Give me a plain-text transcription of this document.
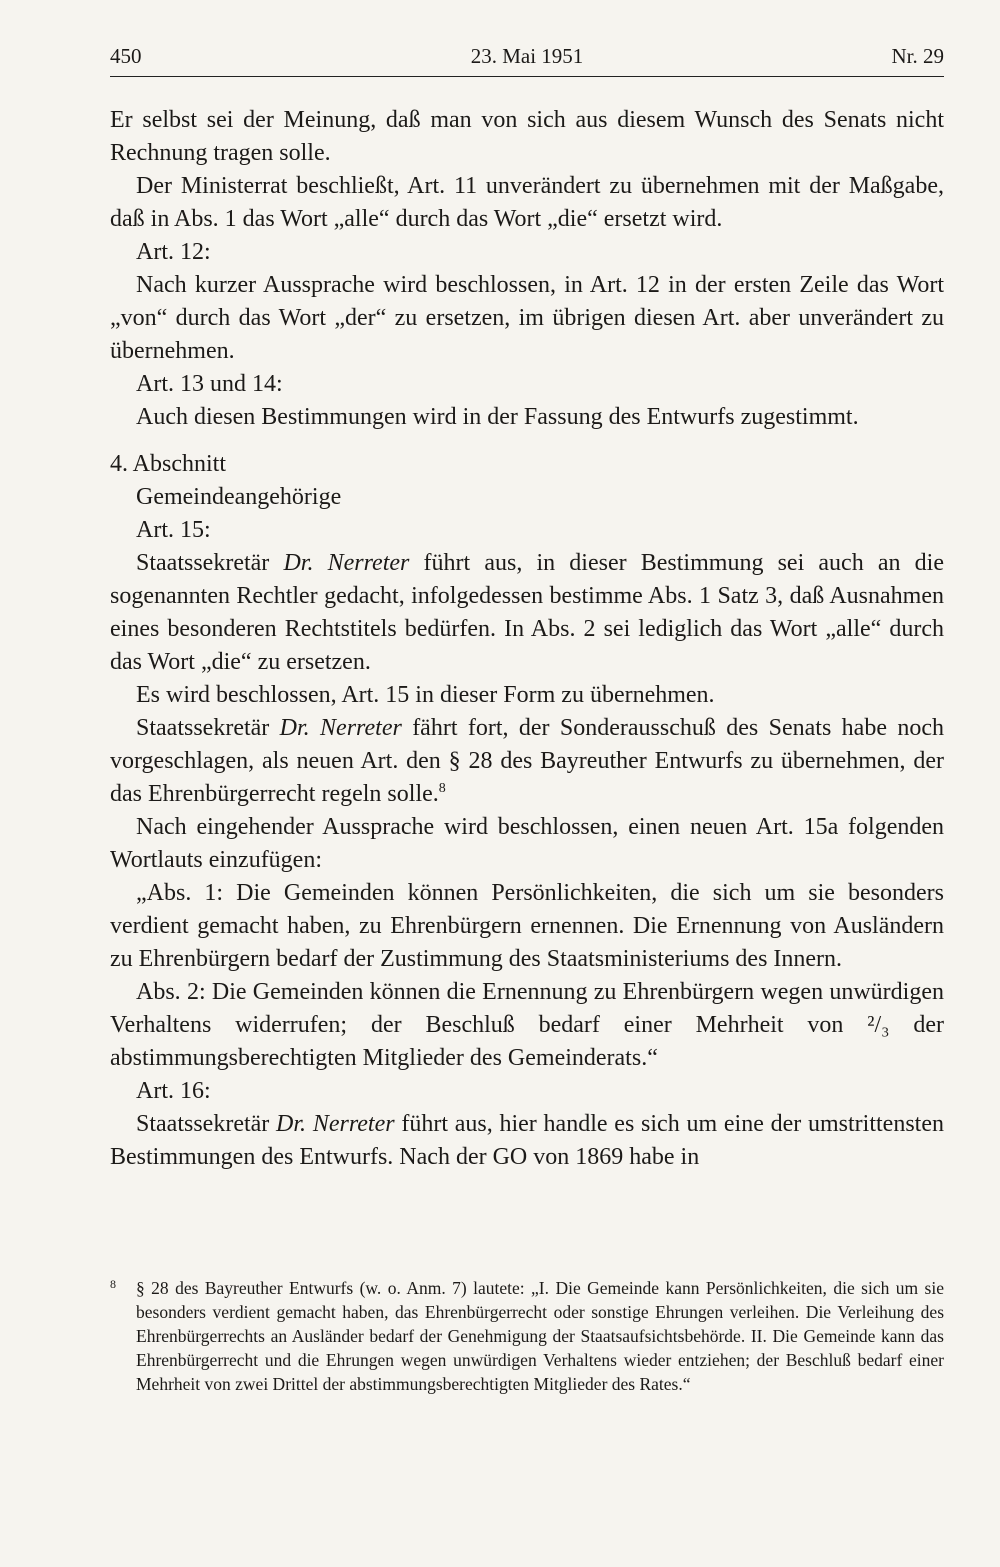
450	23. Mai 1951	Nr. 29

Er selbst sei der Meinung, daß man von sich aus diesem Wunsch des Senats nicht Rechnung tragen solle.

Der Ministerrat beschließt, Art. 11 unverändert zu übernehmen mit der Maßgabe, daß in Abs. 1 das Wort „alle“ durch das Wort „die“ ersetzt wird.

Art. 12:

Nach kurzer Aussprache wird beschlossen, in Art. 12 in der ersten Zeile das Wort „von“ durch das Wort „der“ zu ersetzen, im übrigen diesen Art. aber unverändert zu übernehmen.

Art. 13 und 14:

Auch diesen Bestimmungen wird in der Fassung des Entwurfs zugestimmt.

4. Abschnitt

Gemeindeangehörige

Art. 15:

Staatssekretär Dr. Nerreter führt aus, in dieser Bestimmung sei auch an die sogenannten Rechtler gedacht, infolgedessen bestimme Abs. 1 Satz 3, daß Ausnahmen eines besonderen Rechtstitels bedürfen. In Abs. 2 sei lediglich das Wort „alle“ durch das Wort „die“ zu ersetzen.

Es wird beschlossen, Art. 15 in dieser Form zu übernehmen.

Staatssekretär Dr. Nerreter fährt fort, der Sonderausschuß des Senats habe noch vorgeschlagen, als neuen Art. den § 28 des Bayreuther Entwurfs zu übernehmen, der das Ehrenbürgerrecht regeln solle.$^8$

Nach eingehender Aussprache wird beschlossen, einen neuen Art. 15a folgenden Wortlauts einzufügen:

„Abs. 1: Die Gemeinden können Persönlichkeiten, die sich um sie besonders verdient gemacht haben, zu Ehrenbürgern ernennen. Die Ernennung von Ausländern zu Ehrenbürgern bedarf der Zustimmung des Staatsministeriums des Innern.

Abs. 2: Die Gemeinden können die Ernennung zu Ehrenbürgern wegen unwürdigen Verhaltens widerrufen; der Beschluß bedarf einer Mehrheit von ²/₃ der abstimmungsberechtigten Mitglieder des Gemeinderats.“

Art. 16:

Staatssekretär Dr. Nerreter führt aus, hier handle es sich um eine der umstrittensten Bestimmungen des Entwurfs. Nach der GO von 1869 habe in

8 § 28 des Bayreuther Entwurfs (w. o. Anm. 7) lautete: „I. Die Gemeinde kann Persönlichkeiten, die sich um sie besonders verdient gemacht haben, das Ehrenbürgerrecht oder sonstige Ehrungen verleihen. Die Verleihung des Ehrenbürgerrechts an Ausländer bedarf der Genehmigung der Staatsaufsichtsbehörde. II. Die Gemeinde kann das Ehrenbürgerrecht und die Ehrungen wegen unwürdigen Verhaltens wieder entziehen; der Beschluß bedarf einer Mehrheit von zwei Drittel der abstimmungsberechtigten Mitglieder des Rates.“
